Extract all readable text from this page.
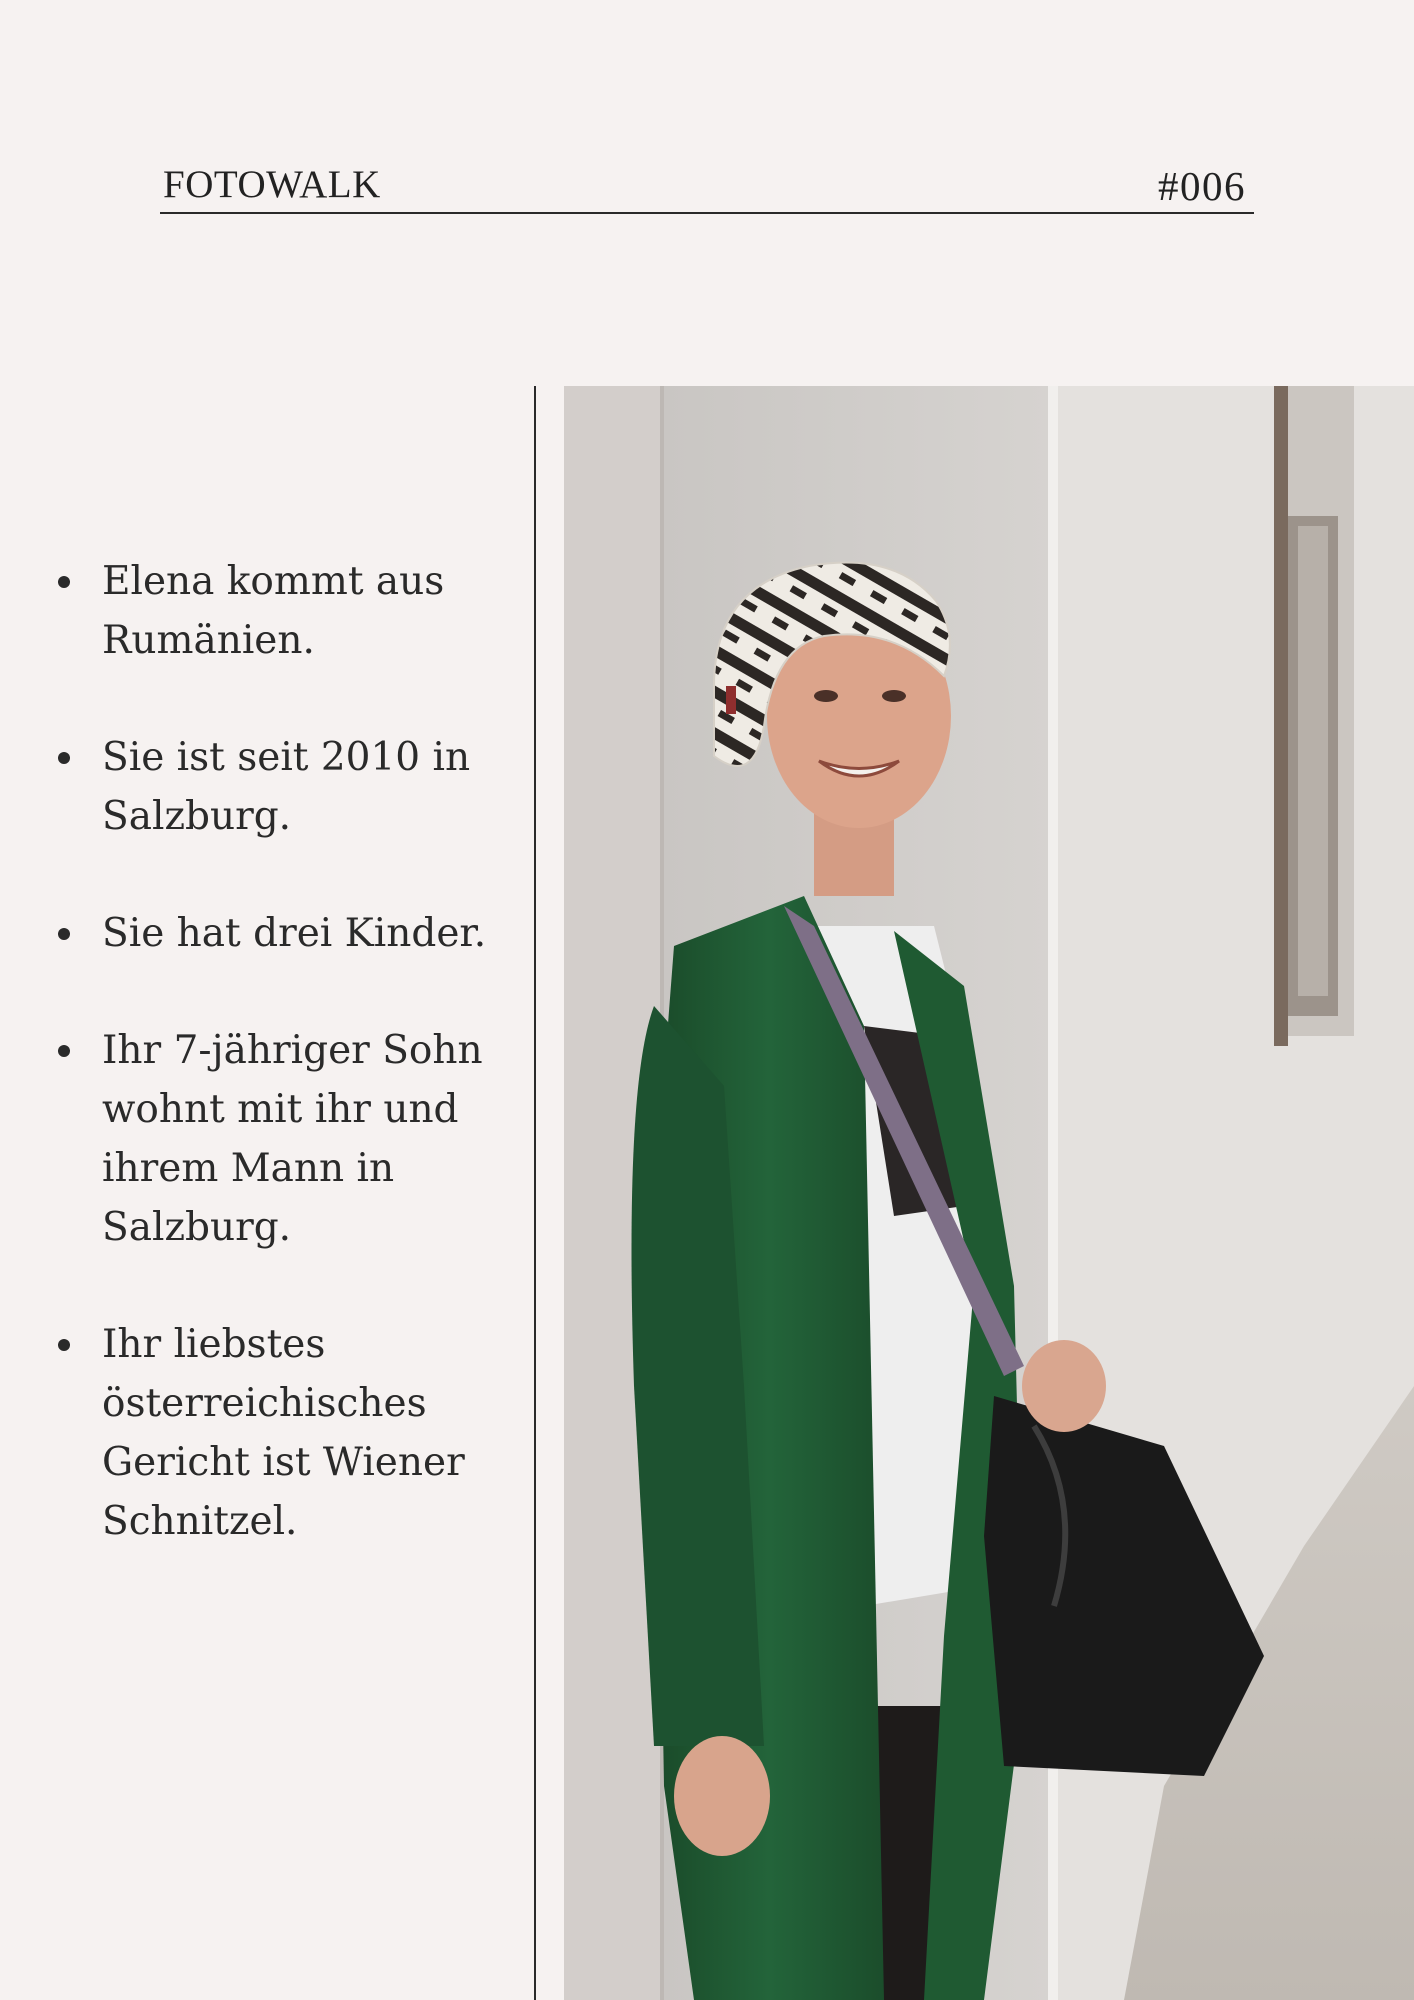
FOTOWALK	#006
Elena kommt aus Rumänien.
Sie ist seit 2010 in Salzburg.
Sie hat drei Kinder.
Ihr 7-jähriger Sohn wohnt mit ihr und ihrem Mann in Salzburg.
Ihr liebstes österreichisches Gericht ist Wiener Schnitzel.
